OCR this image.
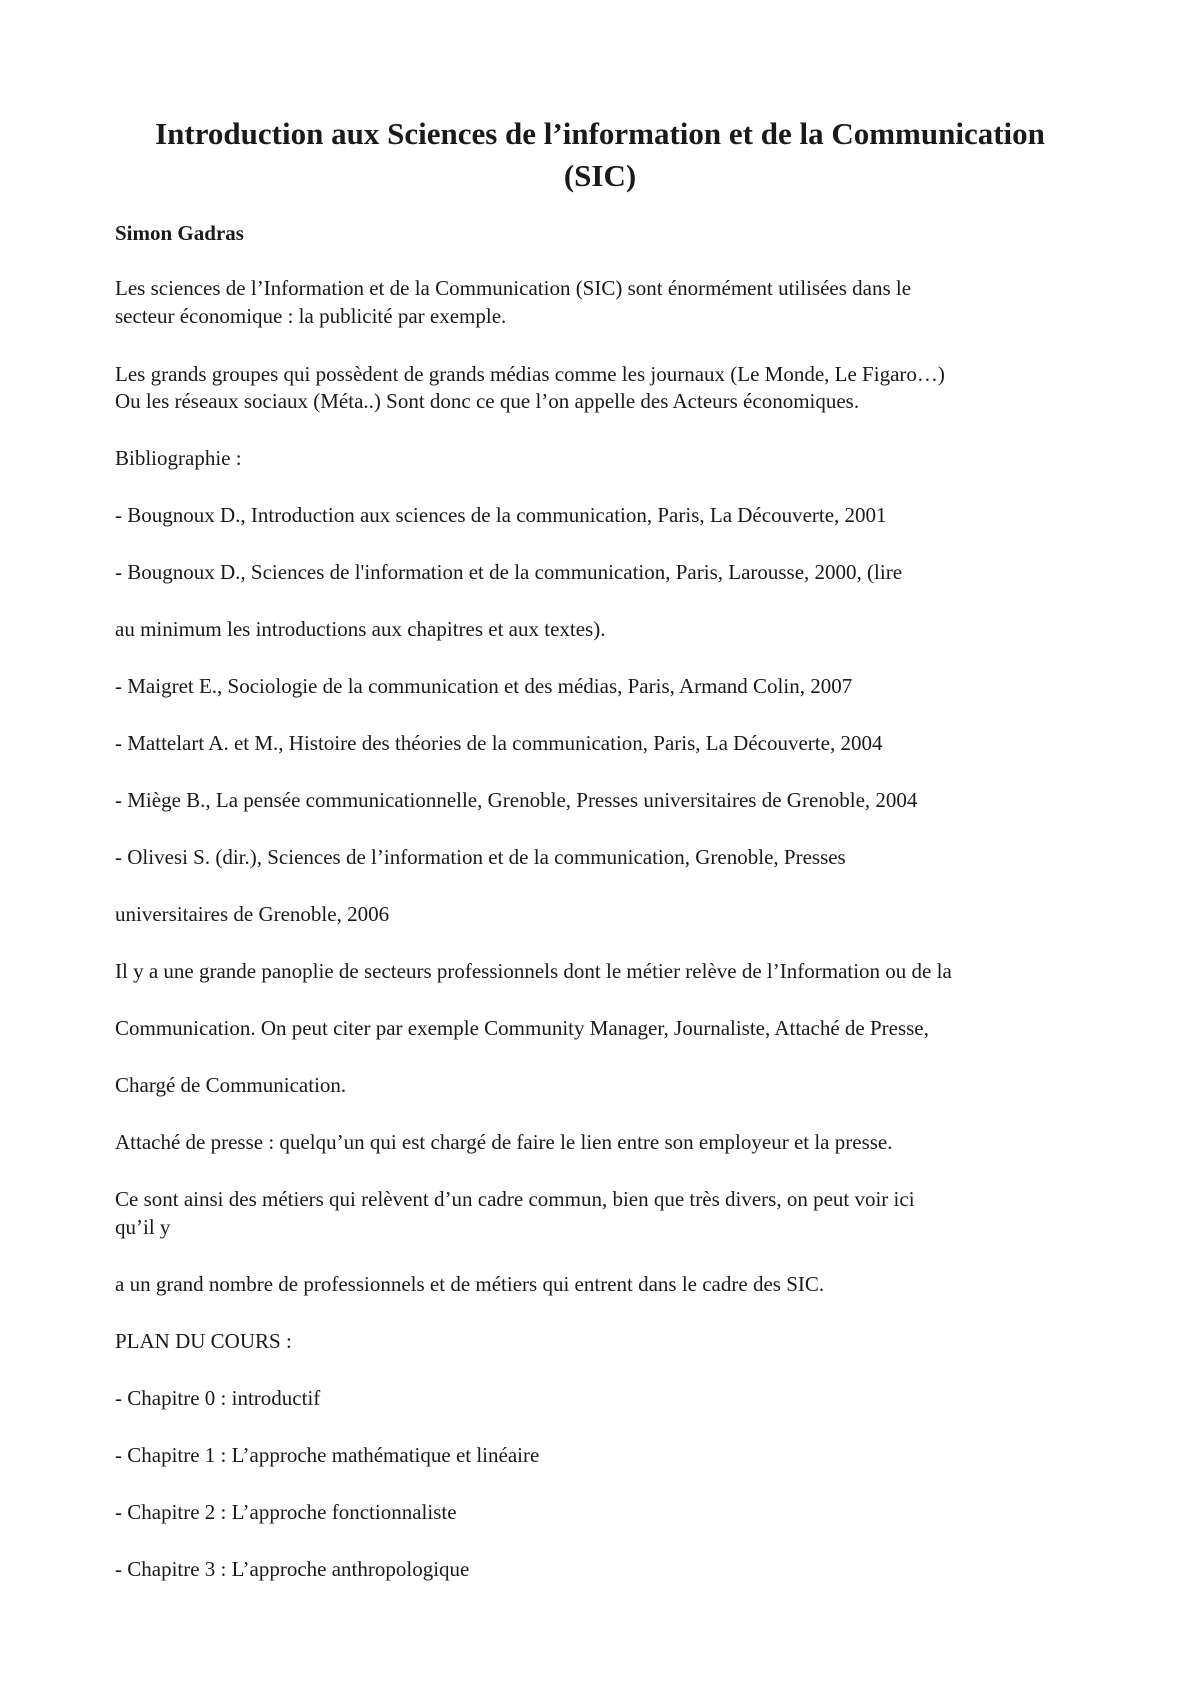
Introduction aux Sciences de l’information et de la Communication
(SIC)

Simon Gadras

Les sciences de l’Information et de la Communication (SIC) sont énormément utilisées dans le

secteur économique : la publicité par exemple.

Les grands groupes qui possèdent de grands médias comme les journaux (Le Monde, Le Figaro…)

Ou les réseaux sociaux (Méta..) Sont donc ce que l’on appelle des Acteurs économiques.

Bibliographie :

- Bougnoux D., Introduction aux sciences de la communication, Paris, La Découverte, 2001

- Bougnoux D., Sciences de l'information et de la communication, Paris, Larousse, 2000, (lire

au minimum les introductions aux chapitres et aux textes).

- Maigret E., Sociologie de la communication et des médias, Paris, Armand Colin, 2007

- Mattelart A. et M., Histoire des théories de la communication, Paris, La Découverte, 2004

- Miège B., La pensée communicationnelle, Grenoble, Presses universitaires de Grenoble, 2004

- Olivesi S. (dir.), Sciences de l’information et de la communication, Grenoble, Presses

universitaires de Grenoble, 2006

Il y a une grande panoplie de secteurs professionnels dont le métier relève de l’Information ou de la

Communication. On peut citer par exemple Community Manager, Journaliste, Attaché de Presse,

Chargé de Communication.

Attaché de presse : quelqu’un qui est chargé de faire le lien entre son employeur et la presse.

Ce sont ainsi des métiers qui relèvent d’un cadre commun, bien que très divers, on peut voir ici

qu’il y

a un grand nombre de professionnels et de métiers qui entrent dans le cadre des SIC.

PLAN DU COURS :

- Chapitre 0 : introductif

- Chapitre 1 : L’approche mathématique et linéaire

- Chapitre 2 : L’approche fonctionnaliste

- Chapitre 3 : L’approche anthropologique
